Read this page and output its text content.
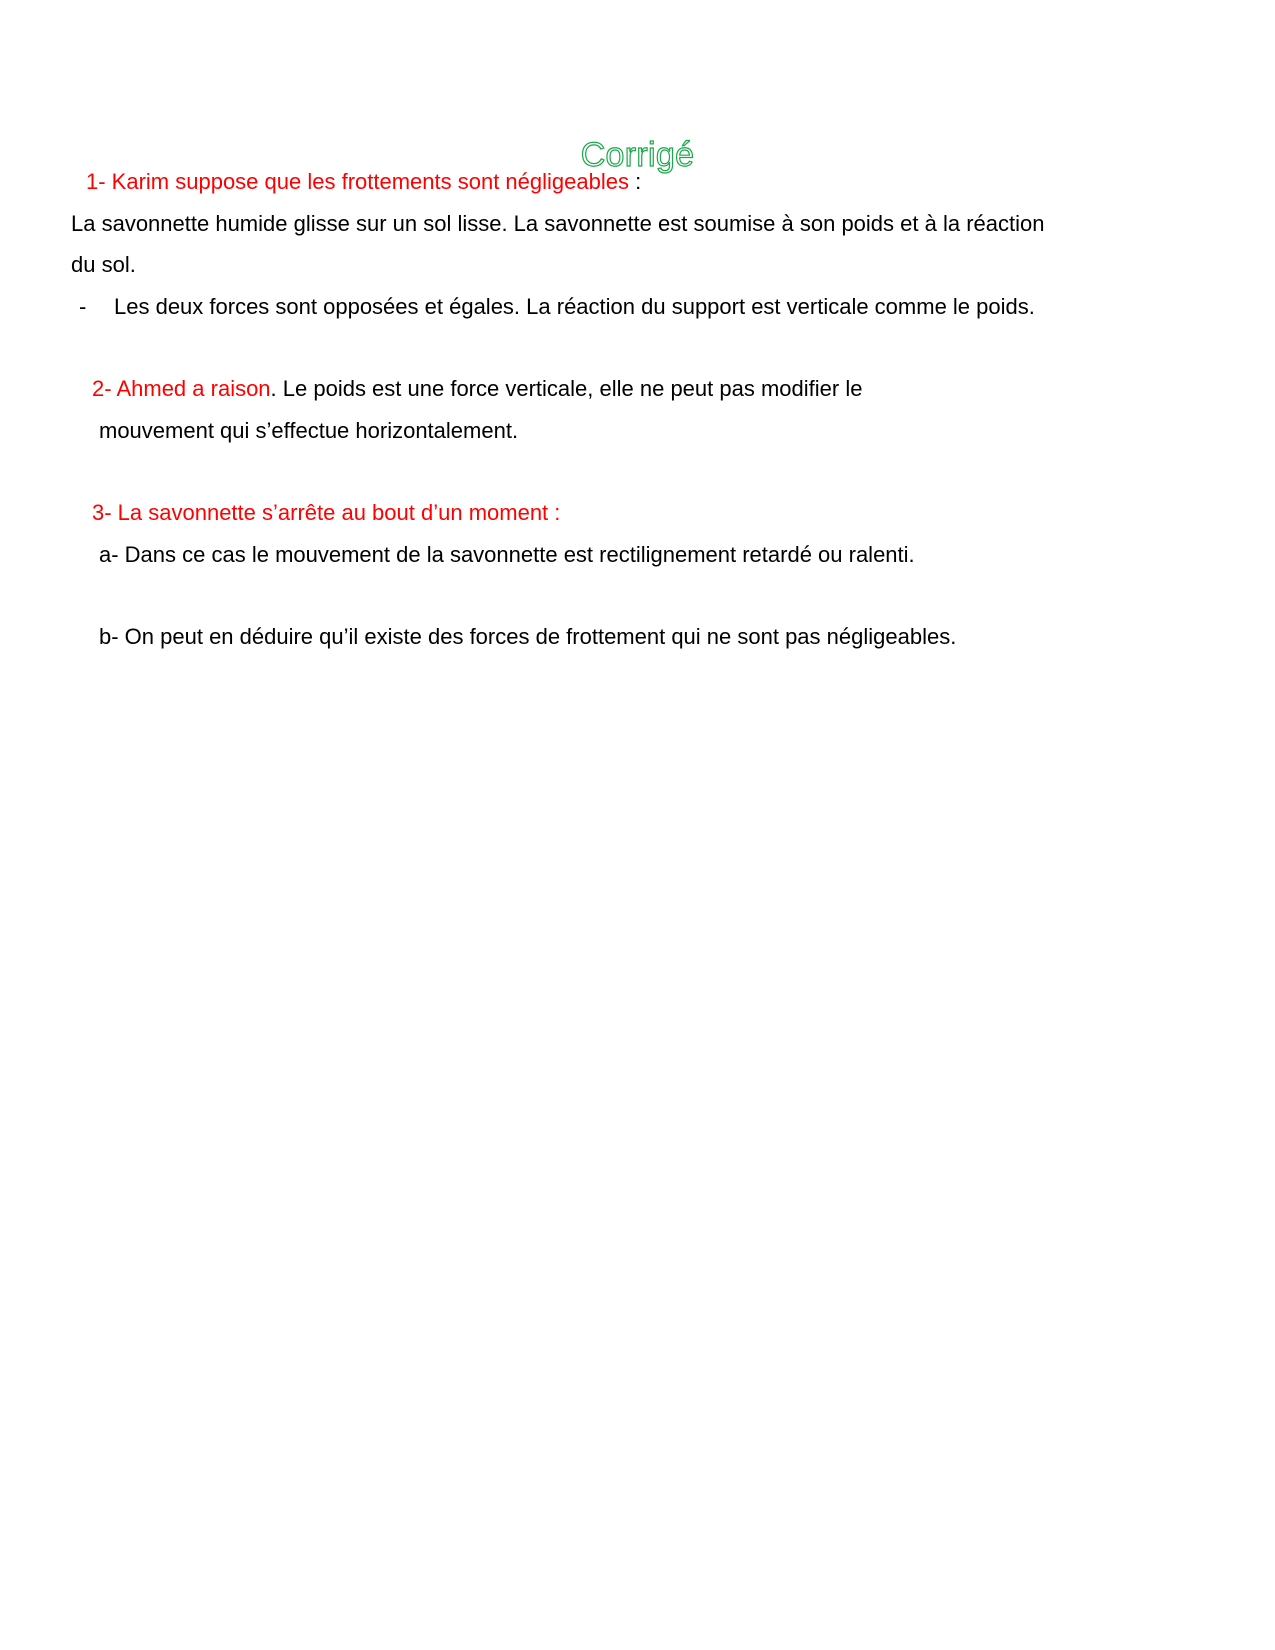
Corrigé

1- Karim suppose que les frottements sont négligeables :

La savonnette humide glisse sur un sol lisse. La savonnette est soumise à son poids et à la réaction

du sol.

- Les deux forces sont opposées et égales. La réaction du support est verticale comme le poids.

2- Ahmed a raison. Le poids est une force verticale, elle ne peut pas modifier le

mouvement qui s’effectue horizontalement.

3- La savonnette s’arrête au bout d’un moment :

a- Dans ce cas le mouvement de la savonnette est rectilignement retardé ou ralenti.

b- On peut en déduire qu’il existe des forces de frottement qui ne sont pas négligeables.
